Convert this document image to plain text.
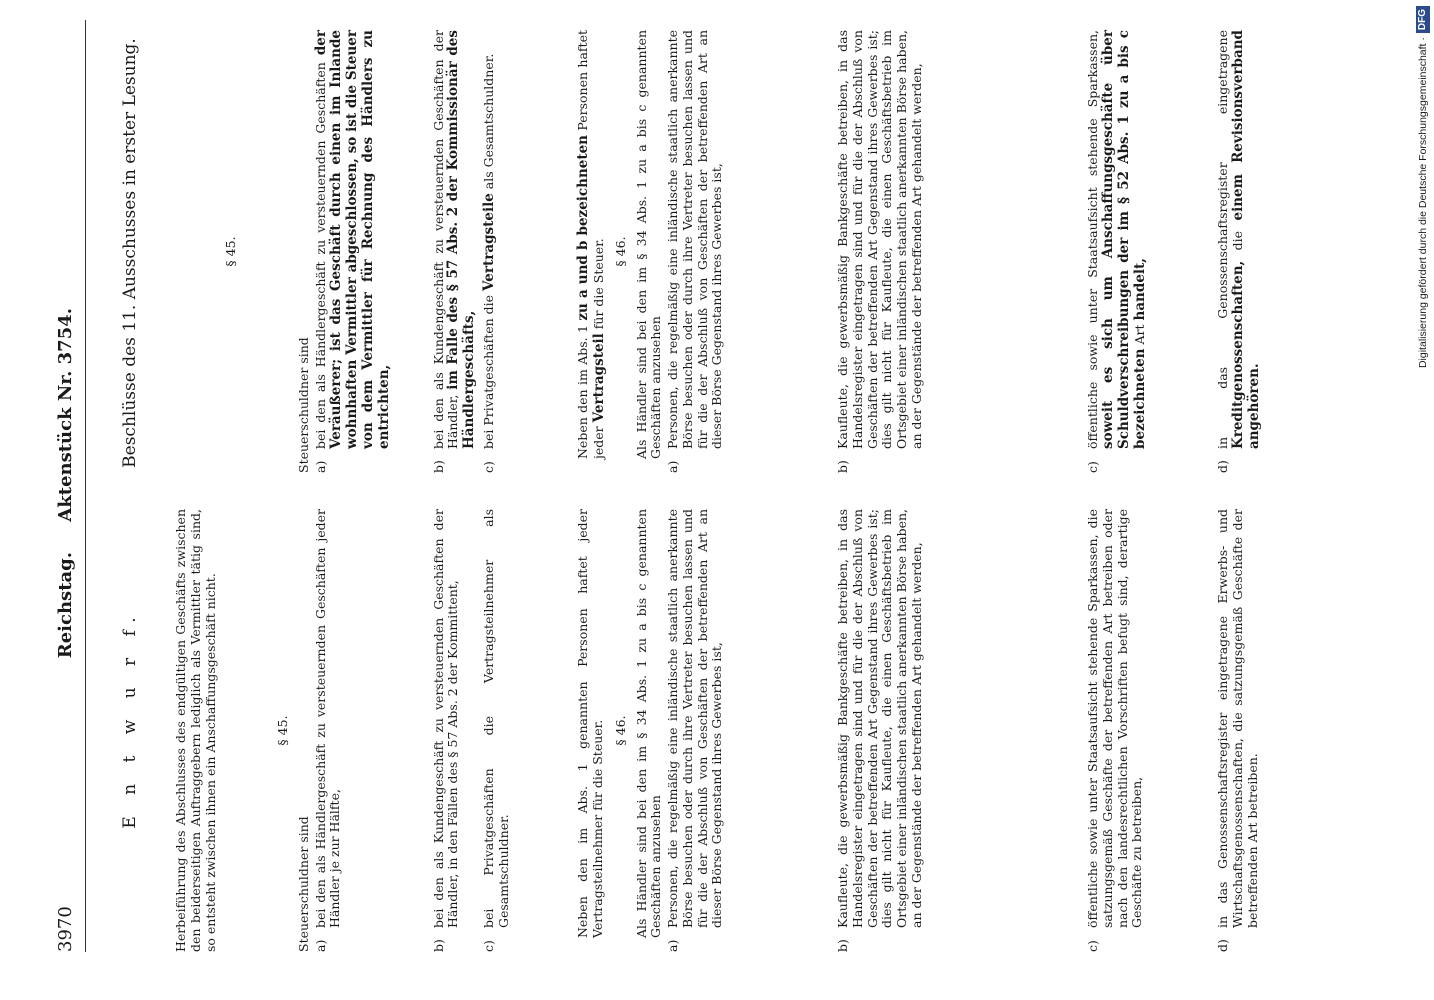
3970
Reichstag. Aktenstück Nr. 3754.
E n t w u r f.
Beschlüsse des 11. Ausschusses in erster Lesung.

Herbeiführung des Abschlusses des endgültigen Geschäfts zwischen den beiderseitigen Auftraggebern lediglich als Vermittler tätig sind, so entsteht zwischen ihnen ein Anschaffungsgeschäft nicht.	§ 45.

§ 45.

Steuerschuldner sind

Steuerschuldner sind

a)
bei den als Händlergeschäft zu versteuernden Geschäften jeder Händler je zur Hälfte,
a)
bei den als Händlergeschäft zu versteuernden Geschäften der Veräußerer; ist das Geschäft durch einen im Inlande wohnhaften Vermittler abgeschlossen, so ist die Steuer von dem Vermittler für Rechnung des Händlers zu entrichten,
b)
bei den als Kundengeschäft zu versteuernden Geschäften der Händler, in den Fällen des § 57 Abs. 2 der Kommittent,
b)
bei den als Kundengeschäft zu versteuernden Geschäften der Händler, im Falle des § 57 Abs. 2 der Kommissionär des Händlergeschäfts,
c)
bei Privatgeschäften die Vertragsteilnehmer als Gesamtschuldner.
c)
bei Privatgeschäften die Vertragsteile als Gesamtschuldner.

Neben den im Abs. 1 genannten Personen haftet jeder Vertragsteilnehmer für die Steuer.

Neben den im Abs. 1 zu a und b bezeichneten Personen haftet jeder Vertragsteil für die Steuer.

§ 46.

§ 46.

Als Händler sind bei den im § 34 Abs. 1 zu a bis c genannten Geschäften anzusehen

Als Händler sind bei den im § 34 Abs. 1 zu a bis c genannten Geschäften anzusehen

a)
Personen, die regelmäßig eine inländische staatlich anerkannte Börse besuchen oder durch ihre Vertreter besuchen lassen und für die der Abschluß von Geschäften der betreffenden Art an dieser Börse Gegenstand ihres Gewerbes ist,
a)
Personen, die regelmäßig eine inländische staatlich anerkannte Börse besuchen oder durch ihre Vertreter besuchen lassen und für die der Abschluß von Geschäften der betreffenden Art an dieser Börse Gegenstand ihres Gewerbes ist,
b)
Kaufleute, die gewerbsmäßig Bankgeschäfte betreiben, in das Handelsregister eingetragen sind und für die der Abschluß von Geschäften der betreffenden Art Gegenstand ihres Gewerbes ist; dies gilt nicht für Kaufleute, die einen Geschäftsbetrieb im Ortsgebiet einer inländischen staatlich anerkannten Börse haben, an der Gegenstände der betreffenden Art gehandelt werden,
b)
Kaufleute, die gewerbsmäßig Bankgeschäfte betreiben, in das Handelsregister eingetragen sind und für die der Abschluß von Geschäften der betreffenden Art Gegenstand ihres Gewerbes ist; dies gilt nicht für Kaufleute, die einen Geschäftsbetrieb im Ortsgebiet einer inländischen staatlich anerkannten Börse haben, an der Gegenstände der betreffenden Art gehandelt werden,
c)
öffentliche sowie unter Staatsaufsicht stehende Sparkassen, die satzungsgemäß Geschäfte der betreffenden Art betreiben oder nach den landesrechtlichen Vorschriften befugt sind, derartige Geschäfte zu betreiben,
c)
öffentliche sowie unter Staatsaufsicht stehende Sparkassen, soweit es sich um Anschaffungsgeschäfte über Schuldverschreibungen der im § 52 Abs. 1 zu a bis c bezeichneten Art handelt,
d)
in das Genossenschaftsregister eingetragene Erwerbs- und Wirtschaftsgenossenschaften, die satzungsgemäß Geschäfte der betreffenden Art betreiben.
d)
in das Genossenschaftsregister eingetragene Kreditgenossenschaften, die einem Revisionsverband angehören.
Digitalisierung gefördert durch die Deutsche Forschungsgemeinschaft ·
DFG
